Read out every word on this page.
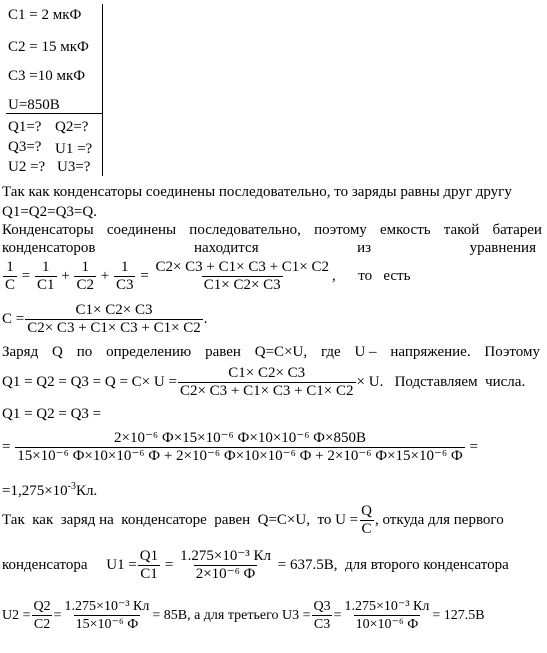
C1 = 2 мкФ
C2 = 15 мкФ
C3 =10 мкФ
U=850В
Q1=? Q2=?
Q3=? U1 =?
U2 =? U3=?
Так как конденсаторы соединены последовательно, то заряды равны друг другу
Q1=Q2=Q3=Q.
Конденсаторы соединены последовательно, поэтому емкость такой батареи
конденсаторов	находится	из	уравнения
$\frac{1}{C} = \frac{1}{C1} + \frac{1}{C2} + \frac{1}{C3} = \frac{C2\times C3 + C1\times C3 + C1\times C2}{C1\times C2\times C3}$ , то   есть
$C = \frac{C1\times C2\times C3}{C2\times C3 + C1\times C3 + C1\times C2}$ .
Заряд Q по определению равен Q=C×U, где U – напряжение. Поэтому
$Q1 = Q2 = Q3 = Q = C\times U = \frac{C1\times C2\times C3}{C2\times C3 + C1\times C3 + C1\times C2} \times U$ . Подставляем  числа.
Q1 = Q2 = Q3 =
=
2×10⁻⁶ Ф×15×10⁻⁶ Ф×10×10⁻⁶ Ф×850В
15×10⁻⁶ Ф×10×10⁻⁶ Ф + 2×10⁻⁶ Ф×10×10⁻⁶ Ф + 2×10⁻⁶ Ф×15×10⁻⁶ Ф
=
$=1,275\times 10^{-3}Кл$.
Так  как  заряд на  конденсаторе  равен  Q=C×U,  то
$U = \frac{Q}{C}$ , откуда для первого
конденсатора
$U1 = \frac{Q1}{C1} = \frac{\text{1.275×10⁻³ Кл}}{\text{2×10⁻⁶ Ф}}$
= 637.5В ,  для второго конденсатора
$U2 = \frac{Q2}{C2} = \frac{\text{1.275×10⁻³ Кл}}{\text{15×10⁻⁶ Ф}} = 85В$ , а для третьего
$U3 = \frac{Q3}{C3} = \frac{\text{1.275×10⁻³ Кл}}{\text{10×10⁻⁶ Ф}} = 127.5В$
